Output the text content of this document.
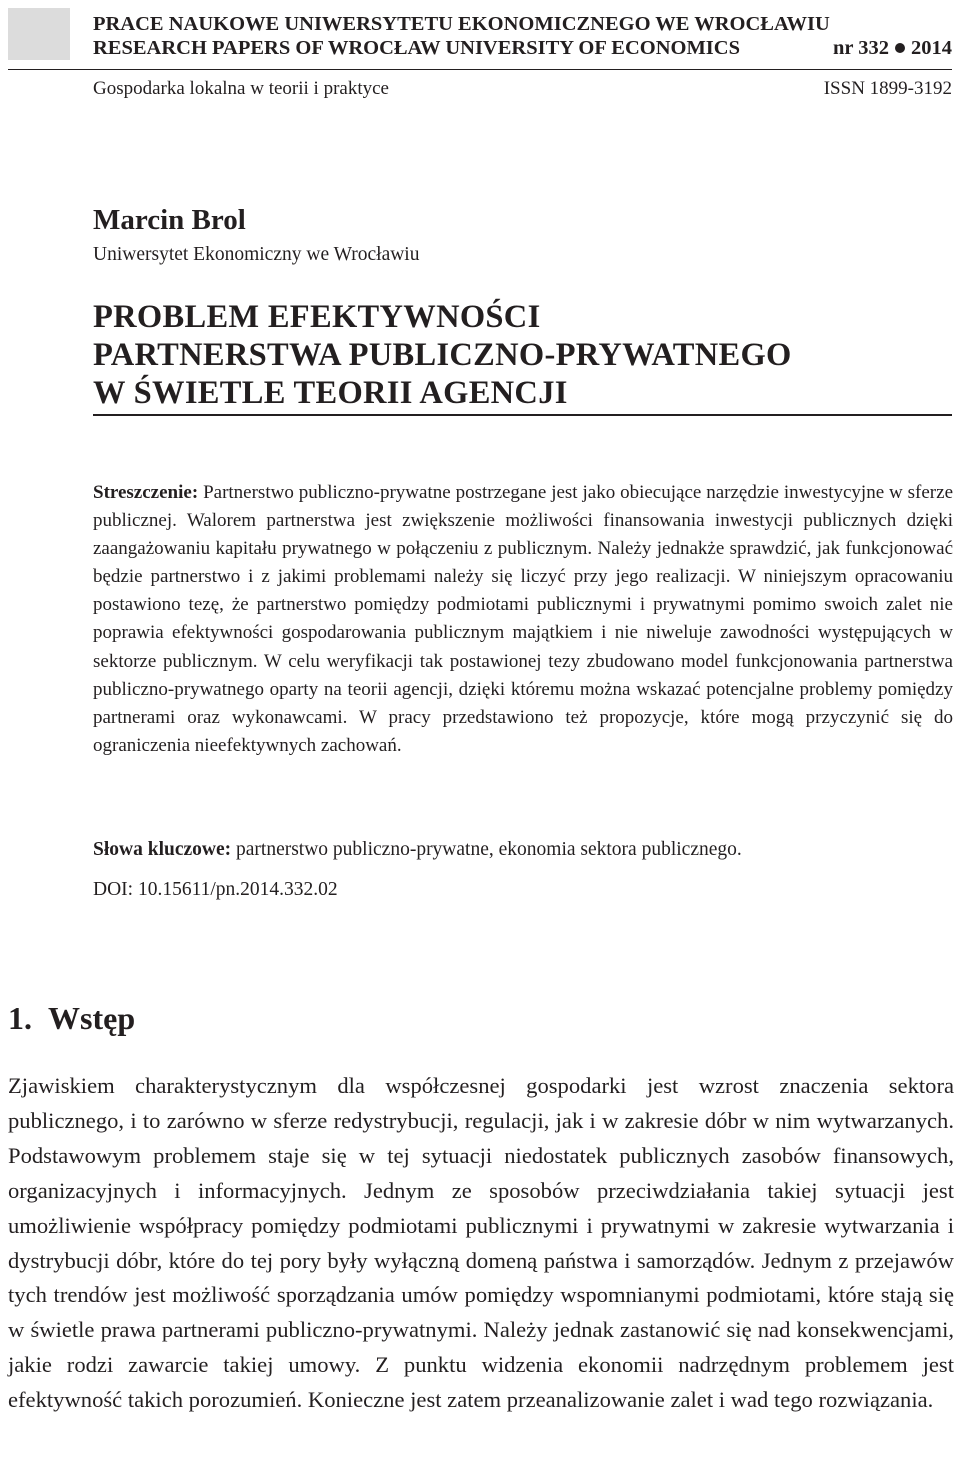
PRACE NAUKOWE UNIWERSYTETU EKONOMICZNEGO WE WROCŁAWIU
RESEARCH PAPERS OF WROCŁAW UNIVERSITY OF ECONOMICS	nr 332 2014
Gospodarka lokalna w teorii i praktyce	ISSN 1899-3192
Marcin Brol
Uniwersytet Ekonomiczny we Wrocławiu
PROBLEM EFEKTYWNOŚCI
PARTNERSTWA PUBLICZNO-PRYWATNEGO
W ŚWIETLE TEORII AGENCJI
Streszczenie: Partnerstwo publiczno-prywatne postrzegane jest jako obiecujące narzędzie inwestycyjne w sferze publicznej. Walorem partnerstwa jest zwiększenie możliwości finansowania inwestycji publicznych dzięki zaangażowaniu kapitału prywatnego w połączeniu z publicznym. Należy jednakże sprawdzić, jak funkcjonować będzie partnerstwo i z jakimi problemami należy się liczyć przy jego realizacji. W niniejszym opracowaniu postawiono tezę, że partnerstwo pomiędzy podmiotami publicznymi i prywatnymi pomimo swoich zalet nie poprawia efektywności gospodarowania publicznym majątkiem i nie niweluje zawodności występujących w sektorze publicznym. W celu weryfikacji tak postawionej tezy zbudowano model funkcjonowania partnerstwa publiczno-prywatnego oparty na teorii agencji, dzięki któremu można wskazać potencjalne problemy pomiędzy partnerami oraz wykonawcami. W pracy przedstawiono też propozycje, które mogą przyczynić się do ograniczenia nieefektywnych zachowań.
Słowa kluczowe: partnerstwo publiczno-prywatne, ekonomia sektora publicznego.
DOI: 10.15611/pn.2014.332.02
1. Wstęp
Zjawiskiem charakterystycznym dla współczesnej gospodarki jest wzrost znaczenia sektora publicznego, i to zarówno w sferze redystrybucji, regulacji, jak i w zakresie dóbr w nim wytwarzanych. Podstawowym problemem staje się w tej sytuacji niedostatek publicznych zasobów finansowych, organizacyjnych i informacyjnych. Jednym ze sposobów przeciwdziałania takiej sytuacji jest umożliwienie współpracy pomiędzy podmiotami publicznymi i prywatnymi w zakresie wytwarzania i dystrybucji dóbr, które do tej pory były wyłączną domeną państwa i samorządów. Jednym z przejawów tych trendów jest możliwość sporządzania umów pomiędzy wspomnianymi podmiotami, które stają się w świetle prawa partnerami publiczno-prywatnymi. Należy jednak zastanowić się nad konsekwencjami, jakie rodzi zawarcie takiej umowy. Z punktu widzenia ekonomii nadrzędnym problemem jest efektywność takich porozumień. Konieczne jest zatem przeanalizowanie zalet i wad tego rozwiązania.
